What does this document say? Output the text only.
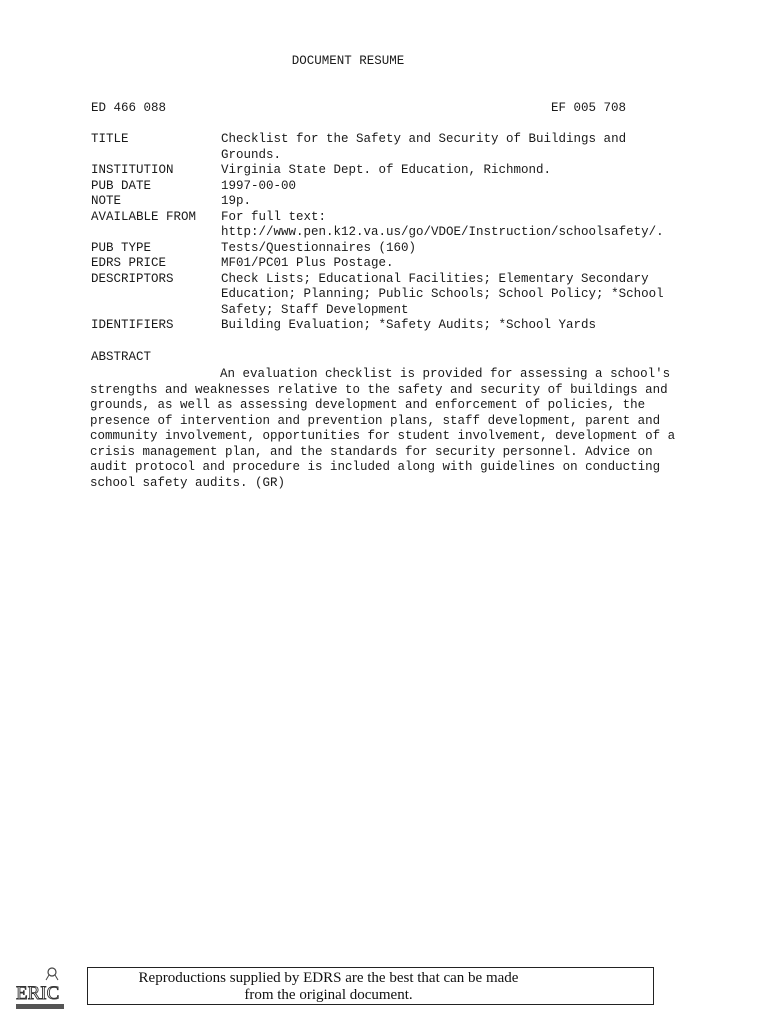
DOCUMENT RESUME
ED 466 088	EF 005 708
TITLE	Checklist for the Safety and Security of Buildings and
Grounds.
INSTITUTION	Virginia State Dept. of Education, Richmond.
PUB DATE	1997-00-00
NOTE	19p.
AVAILABLE FROM	For full text:
http://www.pen.k12.va.us/go/VDOE/Instruction/schoolsafety/.
PUB TYPE	Tests/Questionnaires (160)
EDRS PRICE	MF01/PC01 Plus Postage.
DESCRIPTORS	Check Lists; Educational Facilities; Elementary Secondary
Education; Planning; Public Schools; School Policy; *School
Safety; Staff Development
IDENTIFIERS	Building Evaluation; *Safety Audits; *School Yards
ABSTRACT
An evaluation checklist is provided for assessing a school's strengths and weaknesses relative to the safety and security of buildings and grounds, as well as assessing development and enforcement of policies, the presence of intervention and prevention plans, staff development, parent and community involvement, opportunities for student involvement, development of a crisis management plan, and the standards for security personnel. Advice on audit protocol and procedure is included along with guidelines on conducting school safety audits. (GR)
ERIC
Reproductions supplied by EDRS are the best that can be made
from the original document.
